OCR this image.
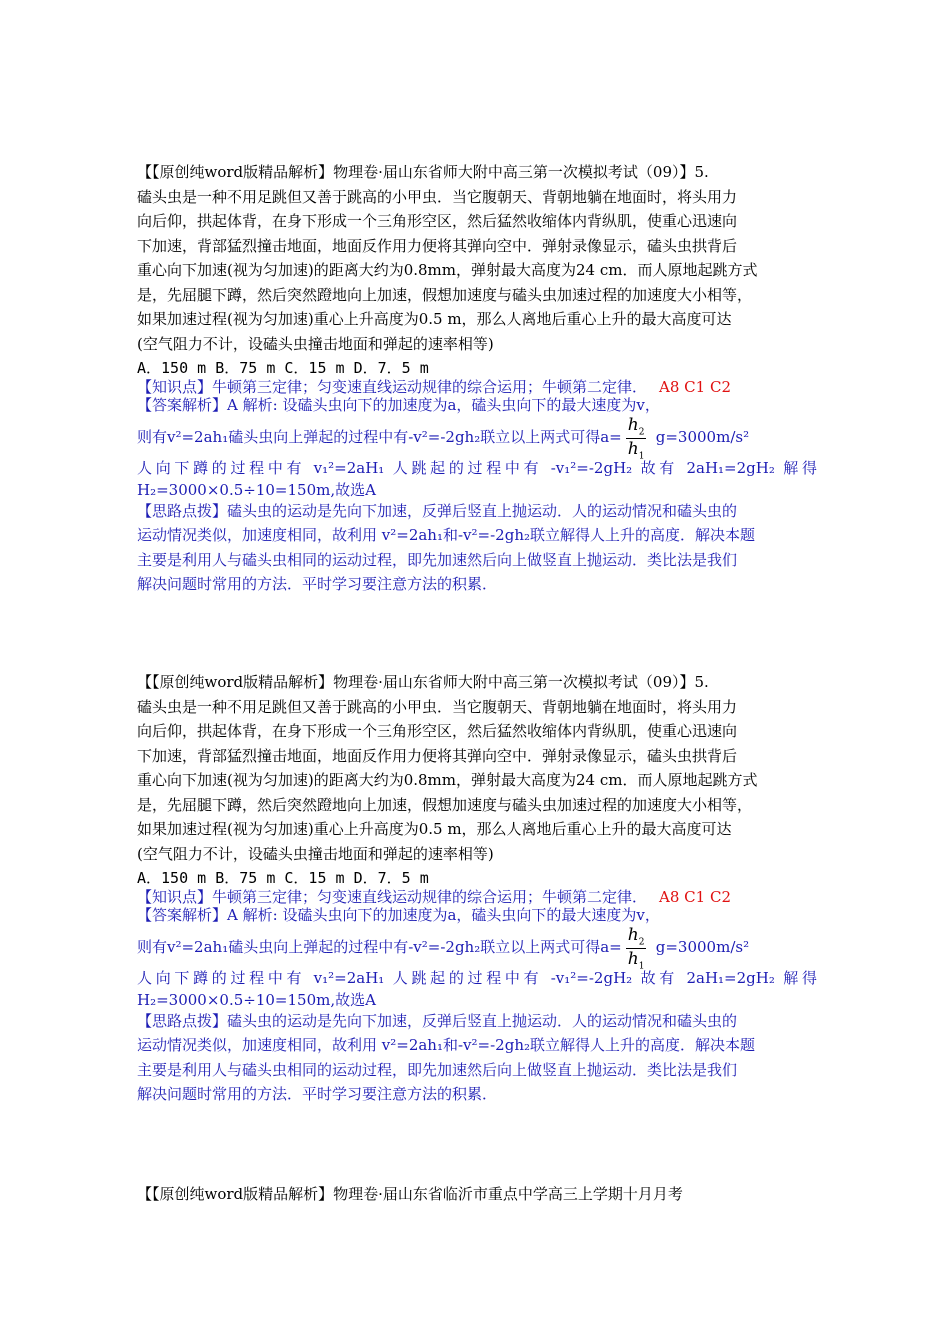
【【原创纯word版精品解析】物理卷·届山东省师大附中高三第一次模拟考试（09）】5.

磕头虫是一种不用足跳但又善于跳高的小甲虫．当它腹朝天、背朝地躺在地面时，将头用力

向后仰，拱起体背，在身下形成一个三角形空区，然后猛然收缩体内背纵肌，使重心迅速向

下加速，背部猛烈撞击地面，地面反作用力便将其弹向空中．弹射录像显示，磕头虫拱背后

重心向下加速(视为匀加速)的距离大约为0.8mm，弹射最大高度为24 cm．而人原地起跳方式

是，先屈腿下蹲，然后突然蹬地向上加速，假想加速度与磕头虫加速过程的加速度大小相等，

如果加速过程(视为匀加速)重心上升高度为0.5 m，那么人离地后重心上升的最大高度可达

(空气阻力不计，设磕头虫撞击地面和弹起的速率相等)

A．150 m B．75 m C．15 m D．7．5 m

【知识点】牛顿第三定律；匀变速直线运动规律的综合运用；牛顿第二定律． A8 C1 C2

【答案解析】A 解析: 设磕头虫向下的加速度为a，磕头虫向下的最大速度为v，

则有v²=2ah₁磕头虫向上弹起的过程中有-v²=-2gh₂联立以上两式可得$a= \frac{h_2}{h_1} g=3000m/s^2$

人向下蹲的过程中有 v₁²=2aH₁ 人跳起的过程中有 -v₁²=-2gH₂ 故有 2aH₁=2gH₂ 解得

H₂=3000×0.5÷10=150m,故选A

【思路点拨】磕头虫的运动是先向下加速，反弹后竖直上抛运动．人的运动情况和磕头虫的

运动情况类似，加速度相同，故利用 v²=2ah₁和-v²=-2gh₂联立解得人上升的高度．解决本题

主要是利用人与磕头虫相同的运动过程，即先加速然后向上做竖直上抛运动．类比法是我们

解决问题时常用的方法．平时学习要注意方法的积累．

【【原创纯word版精品解析】物理卷·届山东省师大附中高三第一次模拟考试（09）】5.

磕头虫是一种不用足跳但又善于跳高的小甲虫．当它腹朝天、背朝地躺在地面时，将头用力

向后仰，拱起体背，在身下形成一个三角形空区，然后猛然收缩体内背纵肌，使重心迅速向

下加速，背部猛烈撞击地面，地面反作用力便将其弹向空中．弹射录像显示，磕头虫拱背后

重心向下加速(视为匀加速)的距离大约为0.8mm，弹射最大高度为24 cm．而人原地起跳方式

是，先屈腿下蹲，然后突然蹬地向上加速，假想加速度与磕头虫加速过程的加速度大小相等，

如果加速过程(视为匀加速)重心上升高度为0.5 m，那么人离地后重心上升的最大高度可达

(空气阻力不计，设磕头虫撞击地面和弹起的速率相等)

A．150 m B．75 m C．15 m D．7．5 m

【知识点】牛顿第三定律；匀变速直线运动规律的综合运用；牛顿第二定律． A8 C1 C2

【答案解析】A 解析: 设磕头虫向下的加速度为a，磕头虫向下的最大速度为v，

则有v²=2ah₁磕头虫向上弹起的过程中有-v²=-2gh₂联立以上两式可得$a= \frac{h_2}{h_1} g=3000m/s^2$

人向下蹲的过程中有 v₁²=2aH₁ 人跳起的过程中有 -v₁²=-2gH₂ 故有 2aH₁=2gH₂ 解得

H₂=3000×0.5÷10=150m,故选A

【思路点拨】磕头虫的运动是先向下加速，反弹后竖直上抛运动．人的运动情况和磕头虫的

运动情况类似，加速度相同，故利用 v²=2ah₁和-v²=-2gh₂联立解得人上升的高度．解决本题

主要是利用人与磕头虫相同的运动过程，即先加速然后向上做竖直上抛运动．类比法是我们

解决问题时常用的方法．平时学习要注意方法的积累．

【【原创纯word版精品解析】物理卷·届山东省临沂市重点中学高三上学期十月月考
